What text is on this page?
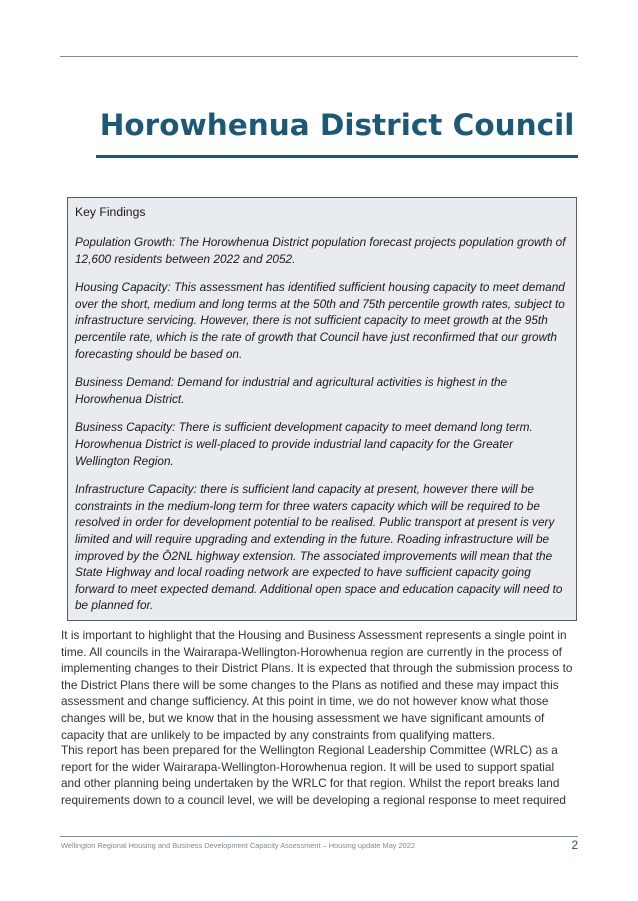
Horowhenua District Council

Key Findings

Population Growth: The Horowhenua District population forecast projects population growth of 12,600 residents between 2022 and 2052.

Housing Capacity: This assessment has identified sufficient housing capacity to meet demand over the short, medium and long terms at the 50th and 75th percentile growth rates, subject to infrastructure servicing. However, there is not sufficient capacity to meet growth at the 95th percentile rate, which is the rate of growth that Council have just reconfirmed that our growth forecasting should be based on.

Business Demand: Demand for industrial and agricultural activities is highest in the Horowhenua District.

Business Capacity: There is sufficient development capacity to meet demand long term. Horowhenua District is well-placed to provide industrial land capacity for the Greater Wellington Region.

Infrastructure Capacity: there is sufficient land capacity at present, however there will be constraints in the medium-long term for three waters capacity which will be required to be resolved in order for development potential to be realised. Public transport at present is very limited and will require upgrading and extending in the future. Roading infrastructure will be improved by the Ō2NL highway extension. The associated improvements will mean that the State Highway and local roading network are expected to have sufficient capacity going forward to meet expected demand. Additional open space and education capacity will need to be planned for.

It is important to highlight that the Housing and Business Assessment represents a single point in time. All councils in the Wairarapa-Wellington-Horowhenua region are currently in the process of implementing changes to their District Plans. It is expected that through the submission process to the District Plans there will be some changes to the Plans as notified and these may impact this assessment and change sufficiency. At this point in time, we do not however know what those changes will be, but we know that in the housing assessment we have significant amounts of capacity that are unlikely to be impacted by any constraints from qualifying matters.

This report has been prepared for the Wellington Regional Leadership Committee (WRLC) as a report for the wider Wairarapa-Wellington-Horowhenua region. It will be used to support spatial and other planning being undertaken by the WRLC for that region. Whilst the report breaks land requirements down to a council level, we will be developing a regional response to meet required

Wellington Regional Housing and Business Development Capacity Assessment – Housing update May 2022	2
